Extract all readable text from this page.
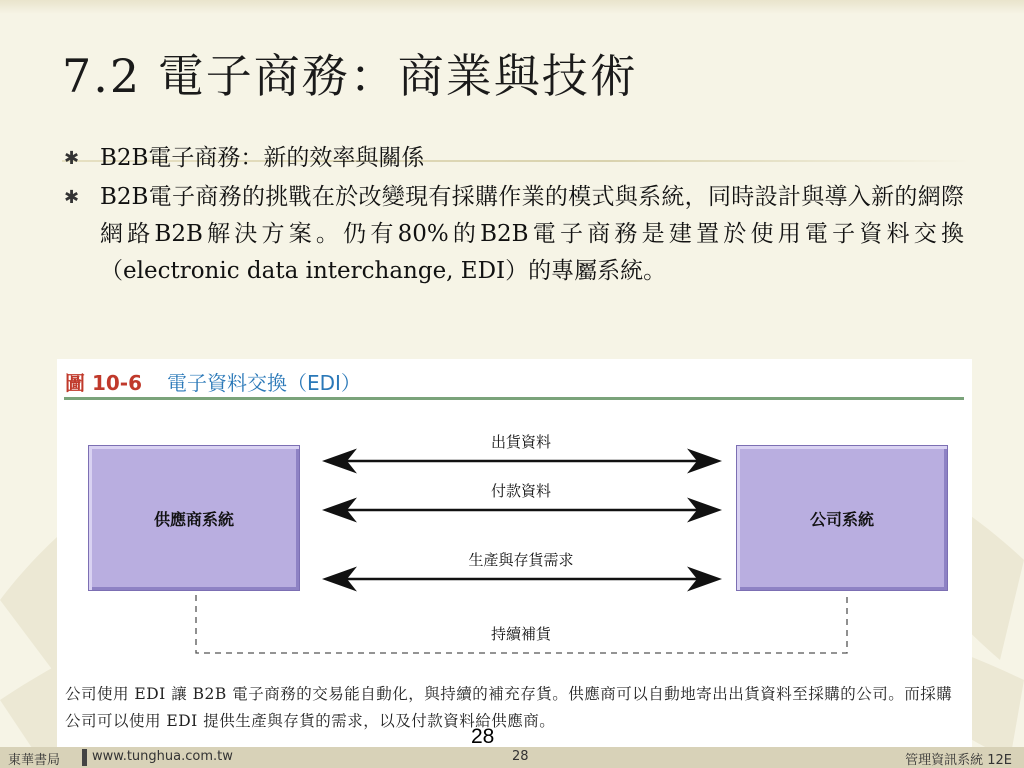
7.2 電子商務：商業與技術
✱ B2B電子商務：新的效率與關係
✱ B2B電子商務的挑戰在於改變現有採購作業的模式與系統，同時設計與導入新的網際網路B2B解決方案。仍有80%的B2B電子商務是建置於使用電子資料交換（electronic data interchange, EDI）的專屬系統。
圖 10-6 電子資料交換（EDI）
供應商系統	公司系統
出貨資料
付款資料
生產與存貨需求
持續補貨
公司使用 EDI 讓 B2B 電子商務的交易能自動化，與持續的補充存貨。供應商可以自動地寄出出貨資料至採購的公司。而採購公司可以使用 EDI 提供生產與存貨的需求，以及付款資料給供應商。
28
東華書局 www.tunghua.com.tw	28	管理資訊系統 12E
